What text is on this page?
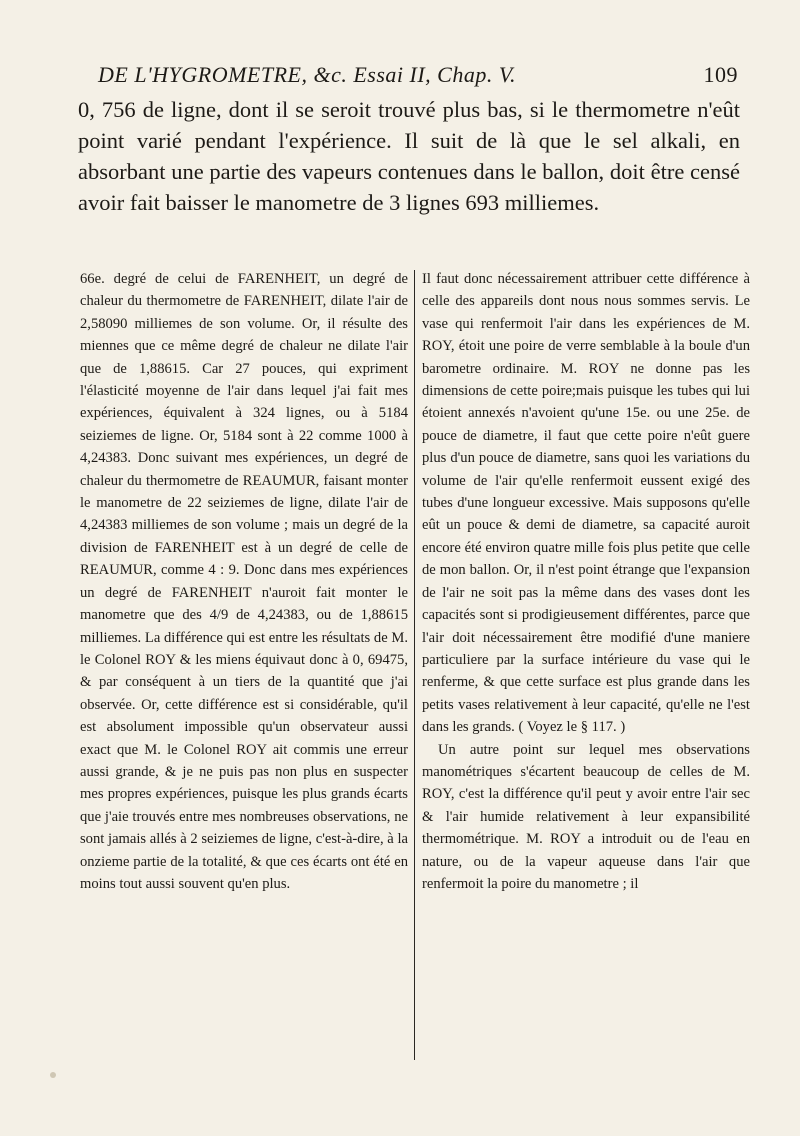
DE L'HYGROMETRE, &c. Essai II, Chap. V.	109
0, 756 de ligne, dont il se seroit trouvé plus bas, si le thermometre n'eût point varié pendant l'expérience. Il suit de là que le sel alkali, en absorbant une partie des vapeurs contenues dans le ballon, doit être censé avoir fait baisser le manometre de 3 lignes 693 milliemes.

66e. degré de celui de FARENHEIT, un degré de chaleur du thermometre de FARENHEIT, dilate l'air de 2,58090 milliemes de son volume. Or, il résulte des miennes que ce même degré de chaleur ne dilate l'air que de 1,88615. Car 27 pouces, qui expriment l'élasticité moyenne de l'air dans lequel j'ai fait mes expériences, équivalent à 324 lignes, ou à 5184 seiziemes de ligne. Or, 5184 sont à 22 comme 1000 à 4,24383. Donc suivant mes expériences, un degré de chaleur du thermometre de REAUMUR, faisant monter le manometre de 22 seiziemes de ligne, dilate l'air de 4,24383 milliemes de son volume ; mais un degré de la division de FARENHEIT est à un degré de celle de REAUMUR, comme 4 : 9. Donc dans mes expériences un degré de FARENHEIT n'auroit fait monter le manometre que des 4/9 de 4,24383, ou de 1,88615 milliemes. La différence qui est entre les résultats de M. le Colonel ROY & les miens équivaut donc à 0, 69475, & par conséquent à un tiers de la quantité que j'ai observée. Or, cette différence est si considérable, qu'il est absolument impossible qu'un observateur aussi exact que M. le Colonel ROY ait commis une erreur aussi grande, & je ne puis pas non plus en suspecter mes propres expériences, puisque les plus grands écarts que j'aie trouvés entre mes nombreuses observations, ne sont jamais allés à 2 seiziemes de ligne, c'est-à-dire, à la onzieme partie de la totalité, & que ces écarts ont été en moins tout aussi souvent qu'en plus.

Il faut donc nécessairement attribuer cette différence à celle des appareils dont nous nous sommes servis. Le vase qui renfermoit l'air dans les expériences de M. ROY, étoit une poire de verre semblable à la boule d'un barometre ordinaire. M. ROY ne donne pas les dimensions de cette poire;mais puisque les tubes qui lui étoient annexés n'avoient qu'une 15e. ou une 25e. de pouce de diametre, il faut que cette poire n'eût guere plus d'un pouce de diametre, sans quoi les variations du volume de l'air qu'elle renfermoit eussent exigé des tubes d'une longueur excessive. Mais supposons qu'elle eût un pouce & demi de diametre, sa capacité auroit encore été environ quatre mille fois plus petite que celle de mon ballon. Or, il n'est point étrange que l'expansion de l'air ne soit pas la même dans des vases dont les capacités sont si prodigieusement différentes, parce que l'air doit nécessairement être modifié d'une maniere particuliere par la surface intérieure du vase qui le renferme, & que cette surface est plus grande dans les petits vases relativement à leur capacité, qu'elle ne l'est dans les grands. ( Voyez le § 117. )

Un autre point sur lequel mes observations manométriques s'écartent beaucoup de celles de M. ROY, c'est la différence qu'il peut y avoir entre l'air sec & l'air humide relativement à leur expansibilité thermométrique. M. ROY a introduit ou de l'eau en nature, ou de la vapeur aqueuse dans l'air que renfermoit la poire du manometre ; il
